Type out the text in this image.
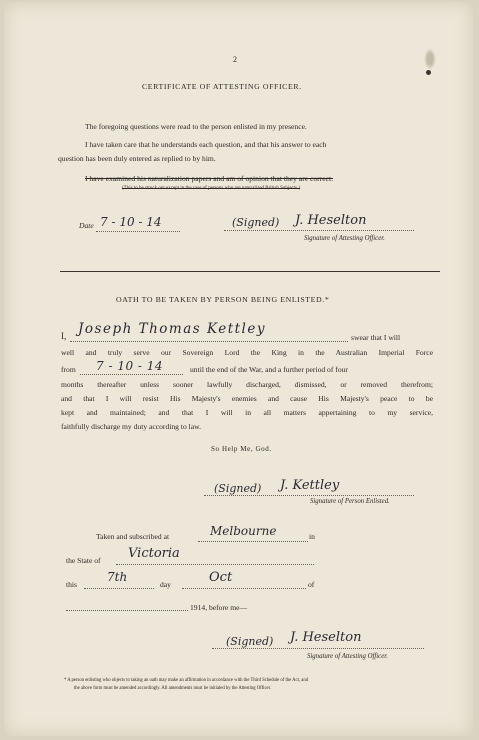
2
CERTIFICATE OF ATTESTING OFFICER.
The foregoing questions were read to the person enlisted in my presence.
I have taken care that he understands each question, and that his answer to each
question has been duly entered as replied to by him.
I have examined his naturalization papers and am of opinion that they are correct.
(This to be struck out except in the case of persons who are naturalized British Subjects.)
Date 7 - 10 - 14	(Signed) J. Heselton
Signature of Attesting Officer.
OATH TO BE TAKEN BY PERSON BEING ENLISTED.*
I, Joseph Thomas Kettley
swear that I will
well and truly serve our Sovereign Lord the King in the Australian Imperial Force
from 7 - 10 - 14	until the end of the War, and a further period of four
months thereafter unless sooner lawfully discharged, dismissed, or removed therefrom;
and that I will resist His Majesty's enemies and cause His Majesty's peace to be
kept and maintained; and that I will in all matters appertaining to my service,
faithfully discharge my duty according to law.
So Help Me, God.
(Signed) J. Kettley
Signature of Person Enlisted.
Taken and subscribed at	Melbourne	in
the State of Victoria
this
7th
day	Oct	of
1914, before me—
(Signed) J. Heselton
Signature of Attesting Officer.
* A person enlisting who objects to taking an oath may make an affirmation in accordance with the Third Schedule of the Act, and
the above form must be amended accordingly. All amendments must be initialed by the Attesting Officer.
